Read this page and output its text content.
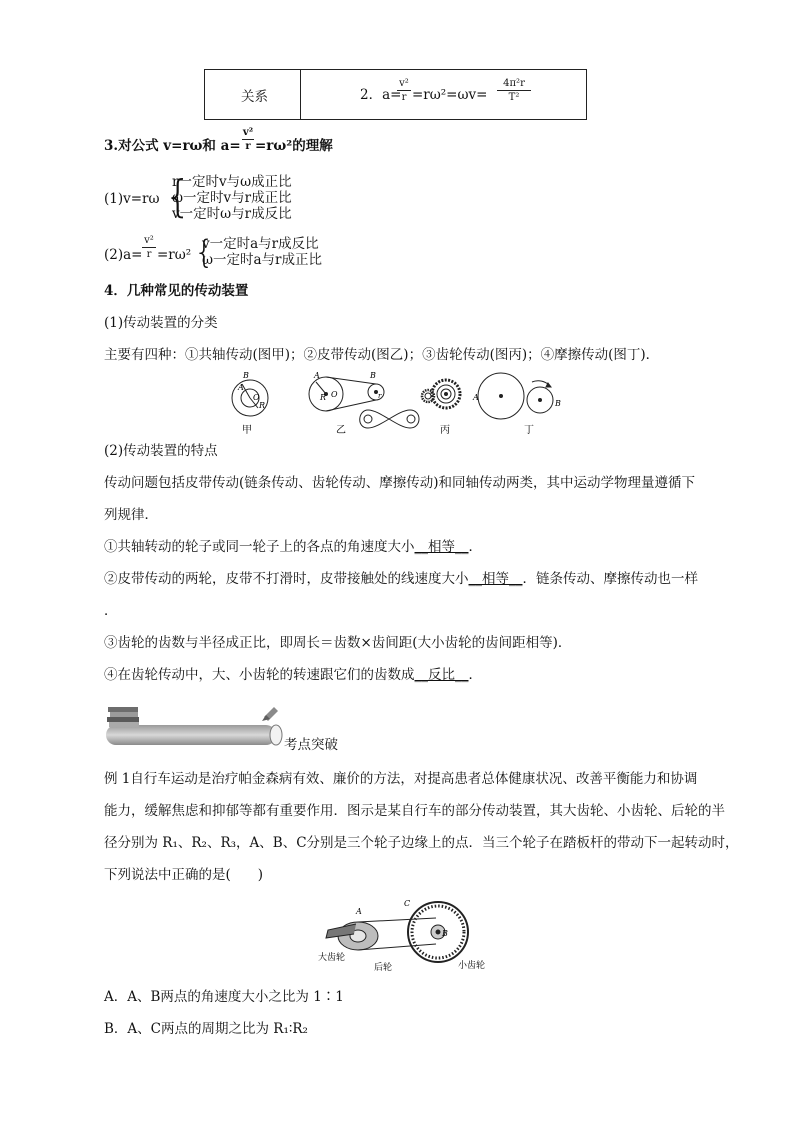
关系	2．a=
v²
r =rω²=ωv=
4π²r
T²
3.对公式 v=rω和 a=
v²
r =rω²的理解
(1)v=rω {
r一定时v与ω成正比
ω一定时v与r成正比
v一定时ω与r成反比
(2)a=
v²
r =rω² {
v一定时a与r成反比
ω一定时a与r成正比
4．几种常见的传动装置
(1)传动装置的分类
主要有四种：①共轴传动(图甲)；②皮带传动(图乙)；③齿轮传动(图丙)；④摩擦传动(图丁)．
B
A
O
R
A
R O
B
r	A
B
甲	乙	丙	丁
(2)传动装置的特点
传动问题包括皮带传动(链条传动、齿轮传动、摩擦传动)和同轴传动两类，其中运动学物理量遵循下
列规律．
①共轴转动的轮子或同一轮子上的各点的角速度大小__相等__．
②皮带传动的两轮，皮带不打滑时，皮带接触处的线速度大小__相等__．链条传动、摩擦传动也一样
．
③齿轮的齿数与半径成正比，即周长＝齿数×齿间距(大小齿轮的齿间距相等)．
④在齿轮传动中，大、小齿轮的转速跟它们的齿数成__反比__．
考点突破
例 1自行车运动是治疗帕金森病有效、廉价的方法，对提高患者总体健康状况、改善平衡能力和协调
能力，缓解焦虑和抑郁等都有重要作用．图示是某自行车的部分传动装置，其大齿轮、小齿轮、后轮的半
径分别为 R₁、R₂、R₃，A、B、C分别是三个轮子边缘上的点．当三个轮子在踏板杆的带动下一起转动时，
下列说法中正确的是(　　)
A
C
B
大齿轮
后轮	小齿轮
A．A、B两点的角速度大小之比为 1∶1
B．A、C两点的周期之比为 R₁∶R₂
